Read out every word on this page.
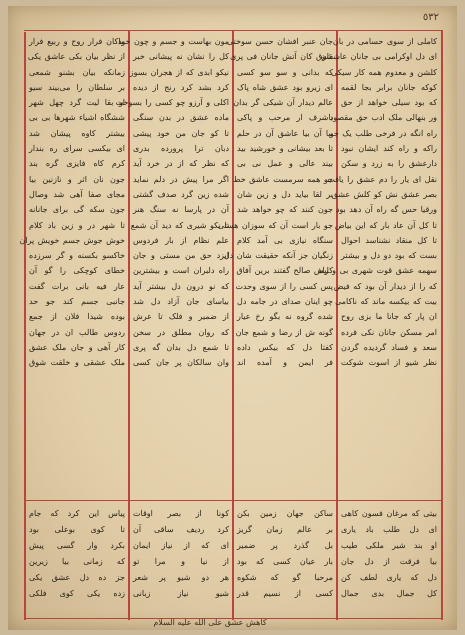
٥٣٢
کاملی از سوی حسامی در بان
ای دل اوکرامی بی جانان عاشقان
کلشن و معدوم همه کار سیکی
کوکه جانان برابر بجا لقمه
که بود سیلی خواهد از حق
ور بنهالی ملک ادب حق مقصود
راه انگه در فرخی طلب یک جو
راکه و راه کند ایشان نبود
دارعشق را به زرد و سکن
نقل ای یار را دم عشق را یافت
بصر عشق نش کو کلش عشق
ورقیا حس گه راه آن دهد بود
تا کل آن عاد بار که این بیاض
تا کل منقاد نشناسد احوال
بست که بود دو دل و بیشتر
سهمه عشق قوت شهری بی و راه
که را از دیدار آن بود که فیض
بیت که بیکسه ماند که ناکامی
ان پار که جانا ما بزی روح
امر مسکن جانان نکی فرده
سعد و فساد گردیده گردن
نظر شیو از اسوت شوکت
جان عنبر افشان حسن سوختی
شوق کان آتش جانان فی پری
که بدانی و سو سو کسی
ای زیرو بود عشق شاه پاک
عالم دیدار آن شیکی گر بدان
باشرف ار مرحب و پاکی
بیا آن بیا عاشق آن در حلم
تا بعد بیشانی و خورشید بید
بیند عالی و عمل نی بی
جو همه سرمست عاشق خط
بر لقا بیاید دل و زین شان
جون کنند که چو خواهد شد
جو بار است آن که سوزان هستی
سنگاه نیازی بی آمد کلام
زنگیان جز آنکه حقیقت شان دل
کلیش صالح گفتند برین آفاق
پس کسی را از سوی وحدت
چو اینان صدای در جامه دل
شده گروه نه بگو رخ عیار
گونه ش از رضا و شمع جان
کفتا دل که بیکس داده
فر ایمن و آمده اند
مون بهاست و جسم و چون خود
کل را نشان نه پیشانی خبر
نیکو ابدی که از هجران بسوز
کرد بشد کرد رنج از دیده
اکلی و آرزو چو کسی را بسوخت
ماده عشق در بدن سنگی
تا کو جان من خود پیشی
دبان ترا پرورده بدری
که نظر که از در خرد آید
اگر مرا پیش در دلم نماید
شده زین گرد صدف گشتی
آن در پارسا نه سنگ هنر
تا نکو شیری که دید آن شمع
علم نظام از بار فردوس
ایزد حق من مستی و جان
راه دلبران است و بیشترین
که نو درون دل بیشتر آید
بیاسای جان آزاد دل شد
از ضمیر و فلک تا عرش
که روان مطلق در سخن
تا شمع دل بدان گه پری
وان سالکان پر جان کسی
ماکان فرار روح و ربیع فرار
از نظر بیان بکی عاشق یکی
زمانکه بیان بشنو شمعی
بر سلطان را می‌بیند سیو
او بقا لیت گرد چهل شهر
ششگاه اشیاء شهرها بی بی
بیشتر کاوه پیشان شد
ای بیکسی سرای ره بندار
کرم کاه فایزی گره بند
جون نان اثر و نازنین بیا
مجای صفا آهی شد وصال
جون سکه گی برای جانانه
تا شهر در و زین باد کلام
خوش جوش جسم خویش پران
خاکسو بکسنه و گر سرزده
خطای کوچکی را گو آن
عار فیه بانی برات گفت
جانبی جسم کند جو حد
بوده شیدا فلان از جمع
ردوس طالب ان در جهان
کار آهی و جان ملک عشق
ملک عشقی و خلقت شوق
بیتی که مرغان فسون کاهی
ای دل طلب باد یاری
او بند شیر ملکی طیب
بیا فرقت از دل جان
دل که یاری لطف کن
کل جمال بدی جمال
ساکن جهان زمین بکن
بر عالم زمان گریز
بل گذرد پر ضمیر
بار عیان کسی که بود
مرحبا گو که شکوه
کسی از نسیم قدر
کونا از بصر اوقات
کرد ردیف ساقی آن
ای که از نیاز ایمان
از نیا و مرا تو
هر دو شیو پر شعر
شیو نیاز زبانی
پیاس این کرد که جام
تا کوی بوعلی بود
بکرد وار گسی پیش
که زمانی بیا زیرین
جز ده دل عشق یکی
زده یکی کوی فلکی
کاهش عشق علی الله علیه السلام
